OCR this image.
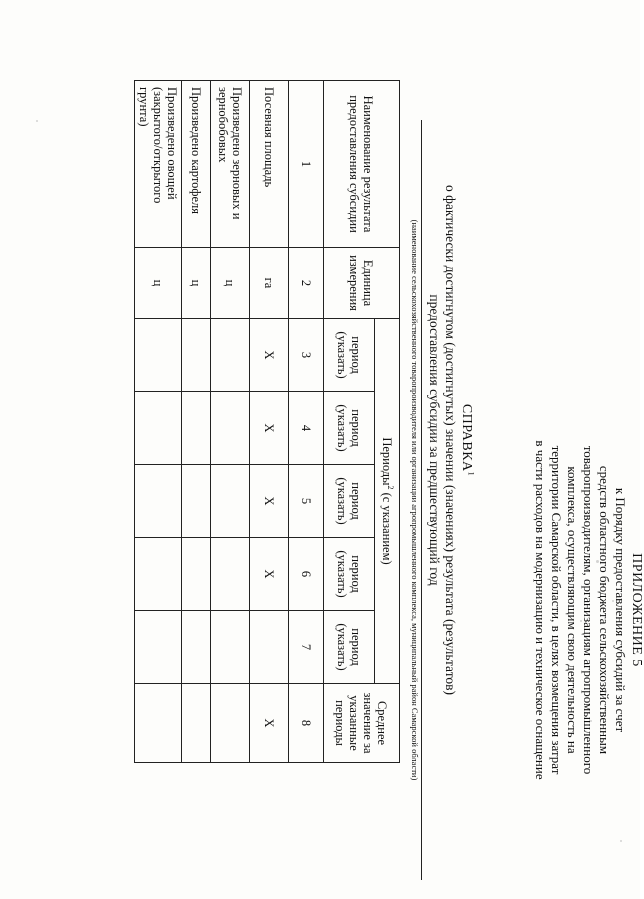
ПРИЛОЖЕНИЕ 5
к Порядку предоставления субсидий за счет
средств областного бюджета сельскохозяйственным
товаропроизводителям, организациям агропромышленного
комплекса, осуществляющим свою деятельность на
территории Самарской области, в целях возмещения затрат
в части расходов на модернизацию и техническое оснащение
СПРАВКА$^1$
о фактически достигнутом (достигнутых) значении (значениях) результата (результатов)
предоставления субсидии за предшествующий год
(наименование сельскохозяйственного товаропроизводителя или организации агропромышленного комплекса, муниципальный район Самарской области)
Наименование результата предоставления субсидии	Единица измерения	Периоды$^2$ (с указанием)					Среднее значение за указанные периоды
		период (указать)	период (указать)	период (указать)	период (указать)	период (указать)	
1	2	3	4	5	6	7	8
Посевная площадь	га	X	X	X	X		X
Произведено зерновых и зернобобовых	ц						
Произведено картофеля	ц						
Произведено овощей (закрытого/открытого грунта)	ц						
